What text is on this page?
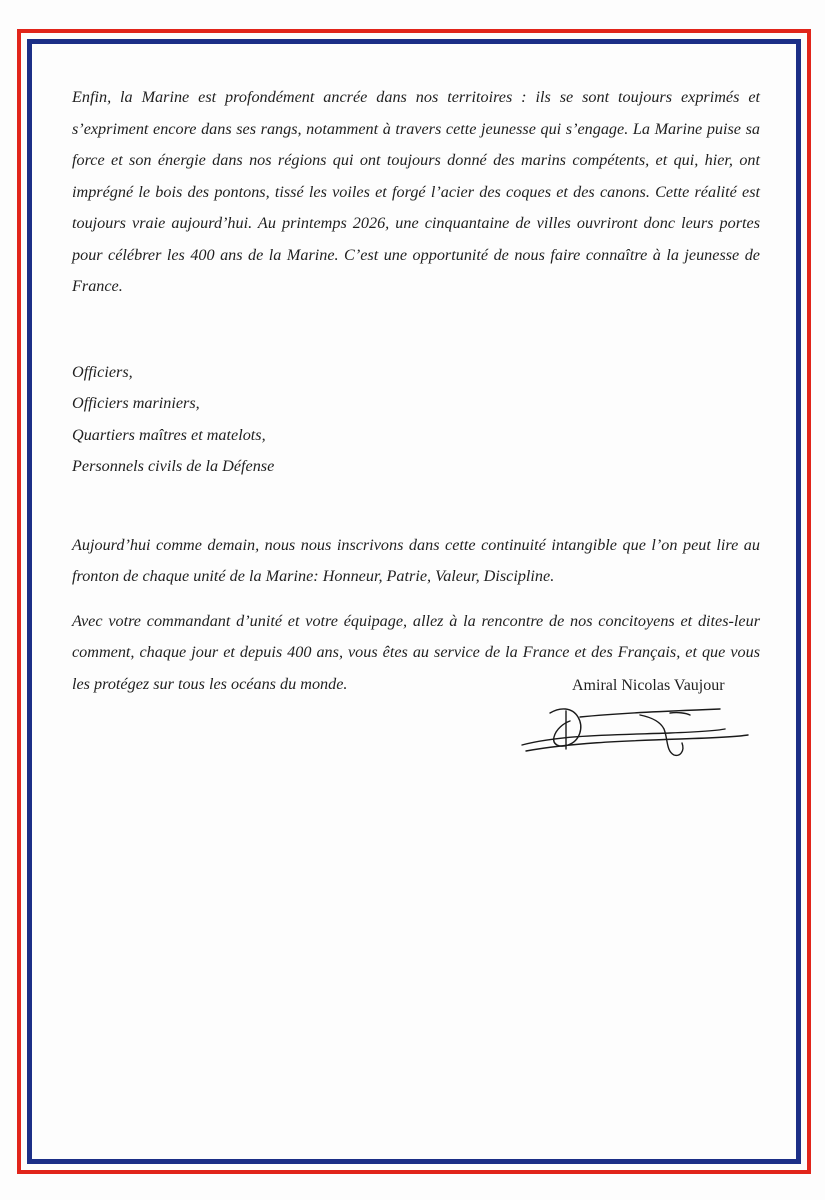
Enfin, la Marine est profondément ancrée dans nos territoires : ils se sont toujours exprimés et s’expriment encore dans ses rangs, notamment à travers cette jeunesse qui s’engage. La Marine puise sa force et son énergie dans nos régions qui ont toujours donné des marins compétents, et qui, hier, ont imprégné le bois des pontons, tissé les voiles et forgé l’acier des coques et des canons. Cette réalité est toujours vraie aujourd’hui. Au printemps 2026, une cinquantaine de villes ouvriront donc leurs portes pour célébrer les 400 ans de la Marine. C’est une opportunité de nous faire connaître à la jeunesse de France.

Officiers,
Officiers mariniers,
Quartiers maîtres et matelots,
Personnels civils de la Défense

Aujourd’hui comme demain, nous nous inscrivons dans cette continuité intangible que l’on peut lire au fronton de chaque unité de la Marine: Honneur, Patrie, Valeur, Discipline.

Avec votre commandant d’unité et votre équipage, allez à la rencontre de nos concitoyens et dites-leur comment, chaque jour et depuis 400 ans, vous êtes au service de la France et des Français, et que vous les protégez sur tous les océans du monde.	Amiral Nicolas Vaujour
